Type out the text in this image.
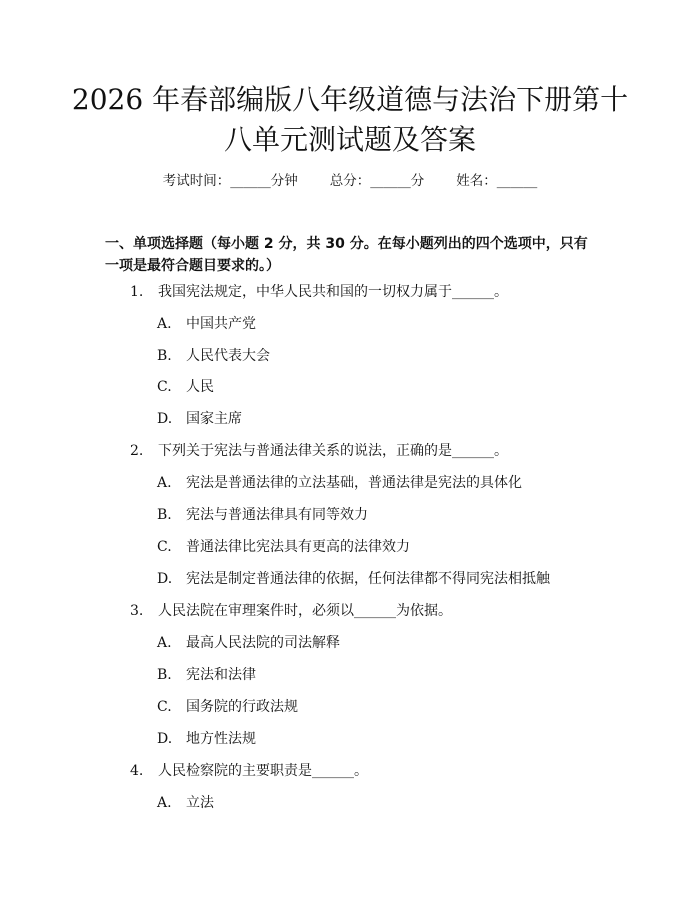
2026 年春部编版八年级道德与法治下册第十八单元测试题及答案
考试时间：______分钟 总分：______分 姓名：______
一、单项选择题（每小题 2 分，共 30 分。在每小题列出的四个选项中，只有一项是最符合题目要求的。）
1. 我国宪法规定，中华人民共和国的一切权力属于______。
A. 中国共产党
B. 人民代表大会
C. 人民
D. 国家主席
2. 下列关于宪法与普通法律关系的说法，正确的是______。
A. 宪法是普通法律的立法基础，普通法律是宪法的具体化
B. 宪法与普通法律具有同等效力
C. 普通法律比宪法具有更高的法律效力
D. 宪法是制定普通法律的依据，任何法律都不得同宪法相抵触
3. 人民法院在审理案件时，必须以______为依据。
A. 最高人民法院的司法解释
B. 宪法和法律
C. 国务院的行政法规
D. 地方性法规
4. 人民检察院的主要职责是______。
A. 立法
